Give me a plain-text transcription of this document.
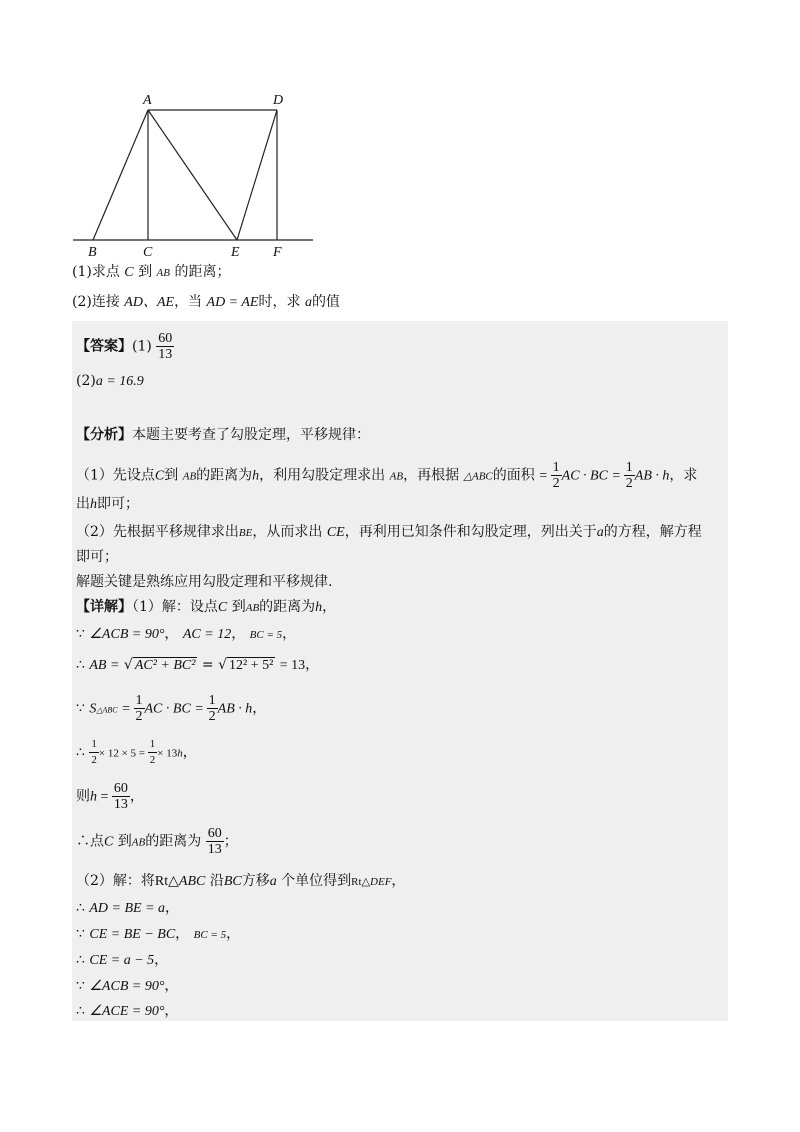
A	D
B	C	E F
(1)求点 C 到 AB 的距离；
(2)连接 AD、AE，当 AD = AE时，求 a的值
【答案】$(1) \frac{60}{13}$
(2)a = 16.9
【分析】本题主要考查了勾股定理，平移规律：
（1）先设点C到 AB的距离为h，利用勾股定理求出 AB，再根据 △ABC的面积 = $\frac{1}{2}$ AC · BC = $\frac{1}{2}$ AB · h，求
出h即可；
（2）先根据平移规律求出BE，从而求出 CE，再利用已知条件和勾股定理，列出关于a的方程，解方程
即可；
解题关键是熟练应用勾股定理和平移规律.
【详解】（1）解：设点C 到AB的距离为h，
∵ ∠ACB = 90°， AC = 12， BC = 5，
∴ AB = √ AC² + BC² = √ 12² + 5² = 13，
∵ S△ABC = $\frac{1}{2}$ AC · BC = $\frac{1}{2}$ AB · h，
∴ $\frac{1}{2} \times 12 \times 5 = \frac{1}{2} \times 13h$，
则$h = \frac{60}{13}$ ，
∴点C 到AB的距离为 $\frac{60}{13}$ ；
（2）解：将Rt△ABC 沿BC方移a 个单位得到Rt△DEF，
∴ AD = BE = a，
∵ CE = BE − BC， BC = 5，
∴ CE = a − 5，
∵ ∠ACB = 90°，
∴ ∠ACE = 90°，
